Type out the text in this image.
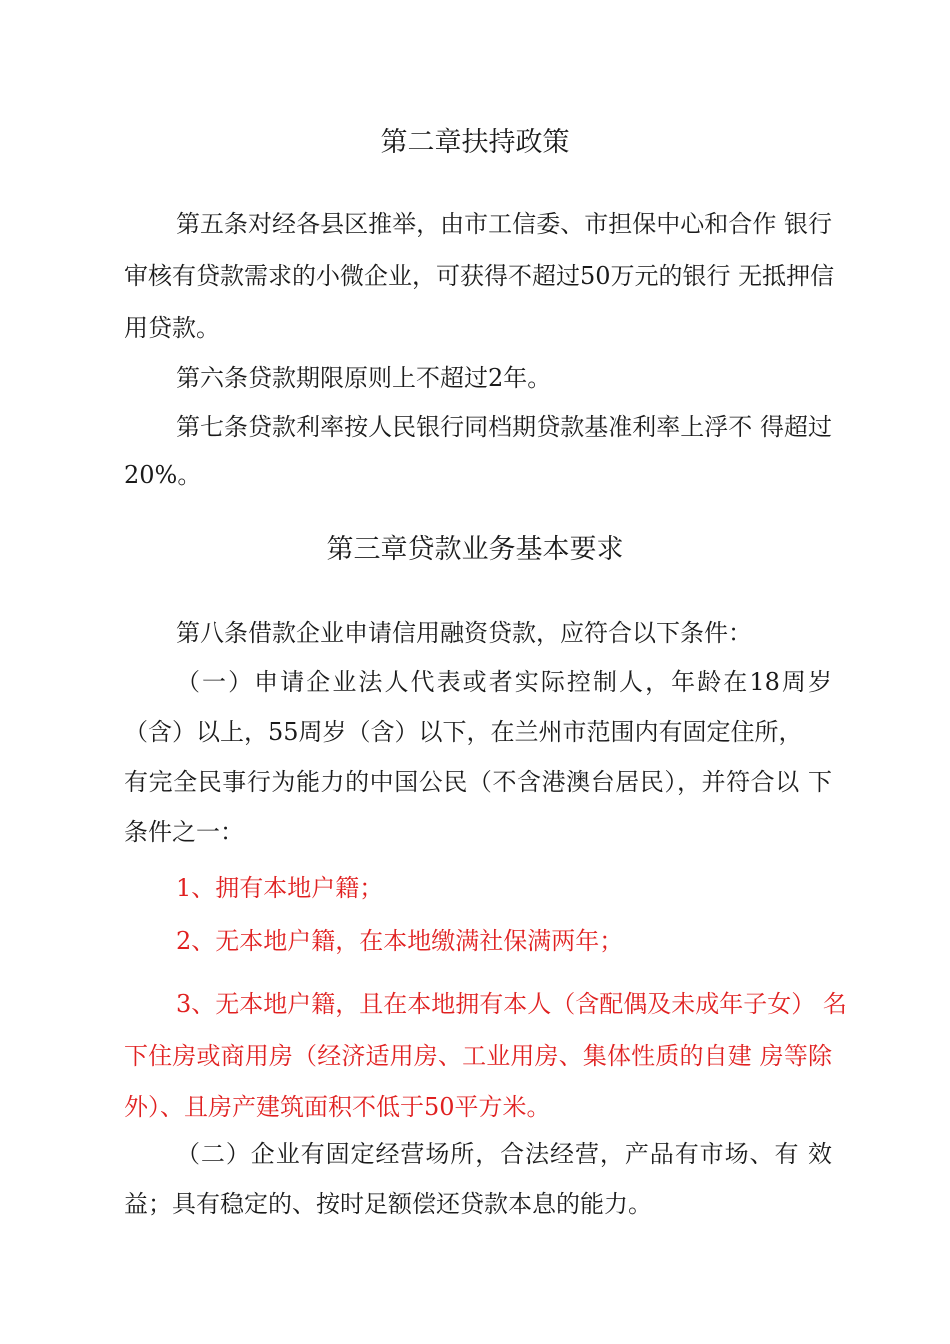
第二章扶持政策
第五条对经各县区推举，由市工信委、市担保中心和合作 银行
审核有贷款需求的小微企业，可获得不超过50万元的银行 无抵押信
用贷款。
第六条贷款期限原则上不超过2年。
第七条贷款利率按人民银行同档期贷款基准利率上浮不 得超过
20%。
第三章贷款业务基本要求
第八条借款企业申请信用融资贷款，应符合以下条件：
（一）申请企业法人代表或者实际控制人，年龄在18周岁
（含）以上，55周岁（含）以下，在兰州市范围内有固定住所，
有完全民事行为能力的中国公民（不含港澳台居民），并符合以 下
条件之一：
1、拥有本地户籍；
2、无本地户籍，在本地缴满社保满两年；
3、无本地户籍，且在本地拥有本人（含配偶及未成年子女） 名
下住房或商用房（经济适用房、工业用房、集体性质的自建 房等除
外）、且房产建筑面积不低于50平方米。
（二）企业有固定经营场所，合法经营，产品有市场、有 效
益；具有稳定的、按时足额偿还贷款本息的能力。
